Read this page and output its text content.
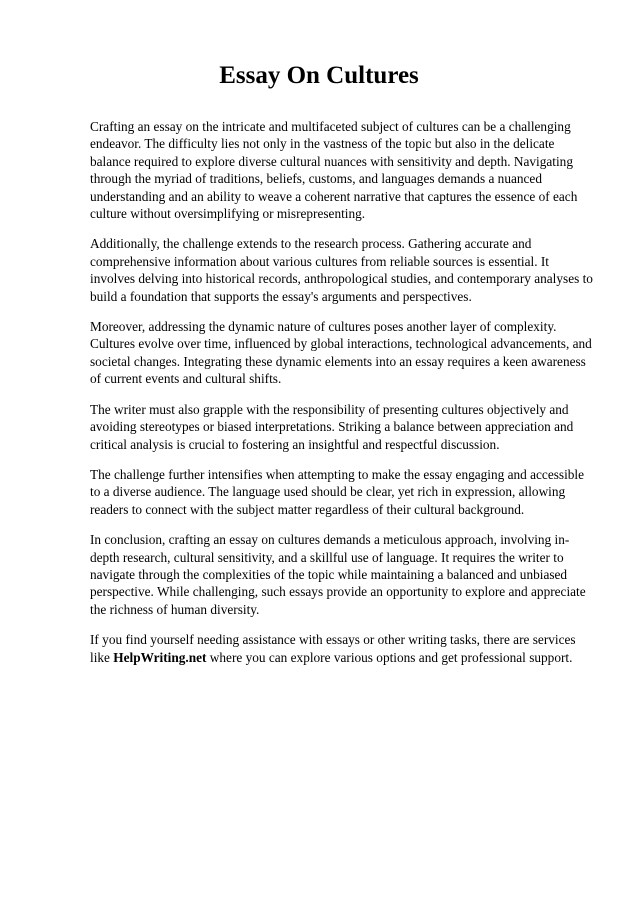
Essay On Cultures

Crafting an essay on the intricate and multifaceted subject of cultures can be a challenging endeavor. The difficulty lies not only in the vastness of the topic but also in the delicate balance required to explore diverse cultural nuances with sensitivity and depth. Navigating through the myriad of traditions, beliefs, customs, and languages demands a nuanced understanding and an ability to weave a coherent narrative that captures the essence of each culture without oversimplifying or misrepresenting.

Additionally, the challenge extends to the research process. Gathering accurate and comprehensive information about various cultures from reliable sources is essential. It involves delving into historical records, anthropological studies, and contemporary analyses to build a foundation that supports the essay's arguments and perspectives.

Moreover, addressing the dynamic nature of cultures poses another layer of complexity. Cultures evolve over time, influenced by global interactions, technological advancements, and societal changes. Integrating these dynamic elements into an essay requires a keen awareness of current events and cultural shifts.

The writer must also grapple with the responsibility of presenting cultures objectively and avoiding stereotypes or biased interpretations. Striking a balance between appreciation and critical analysis is crucial to fostering an insightful and respectful discussion.

The challenge further intensifies when attempting to make the essay engaging and accessible to a diverse audience. The language used should be clear, yet rich in expression, allowing readers to connect with the subject matter regardless of their cultural background.

In conclusion, crafting an essay on cultures demands a meticulous approach, involving in-depth research, cultural sensitivity, and a skillful use of language. It requires the writer to navigate through the complexities of the topic while maintaining a balanced and unbiased perspective. While challenging, such essays provide an opportunity to explore and appreciate the richness of human diversity.

If you find yourself needing assistance with essays or other writing tasks, there are services like HelpWriting.net where you can explore various options and get professional support.
